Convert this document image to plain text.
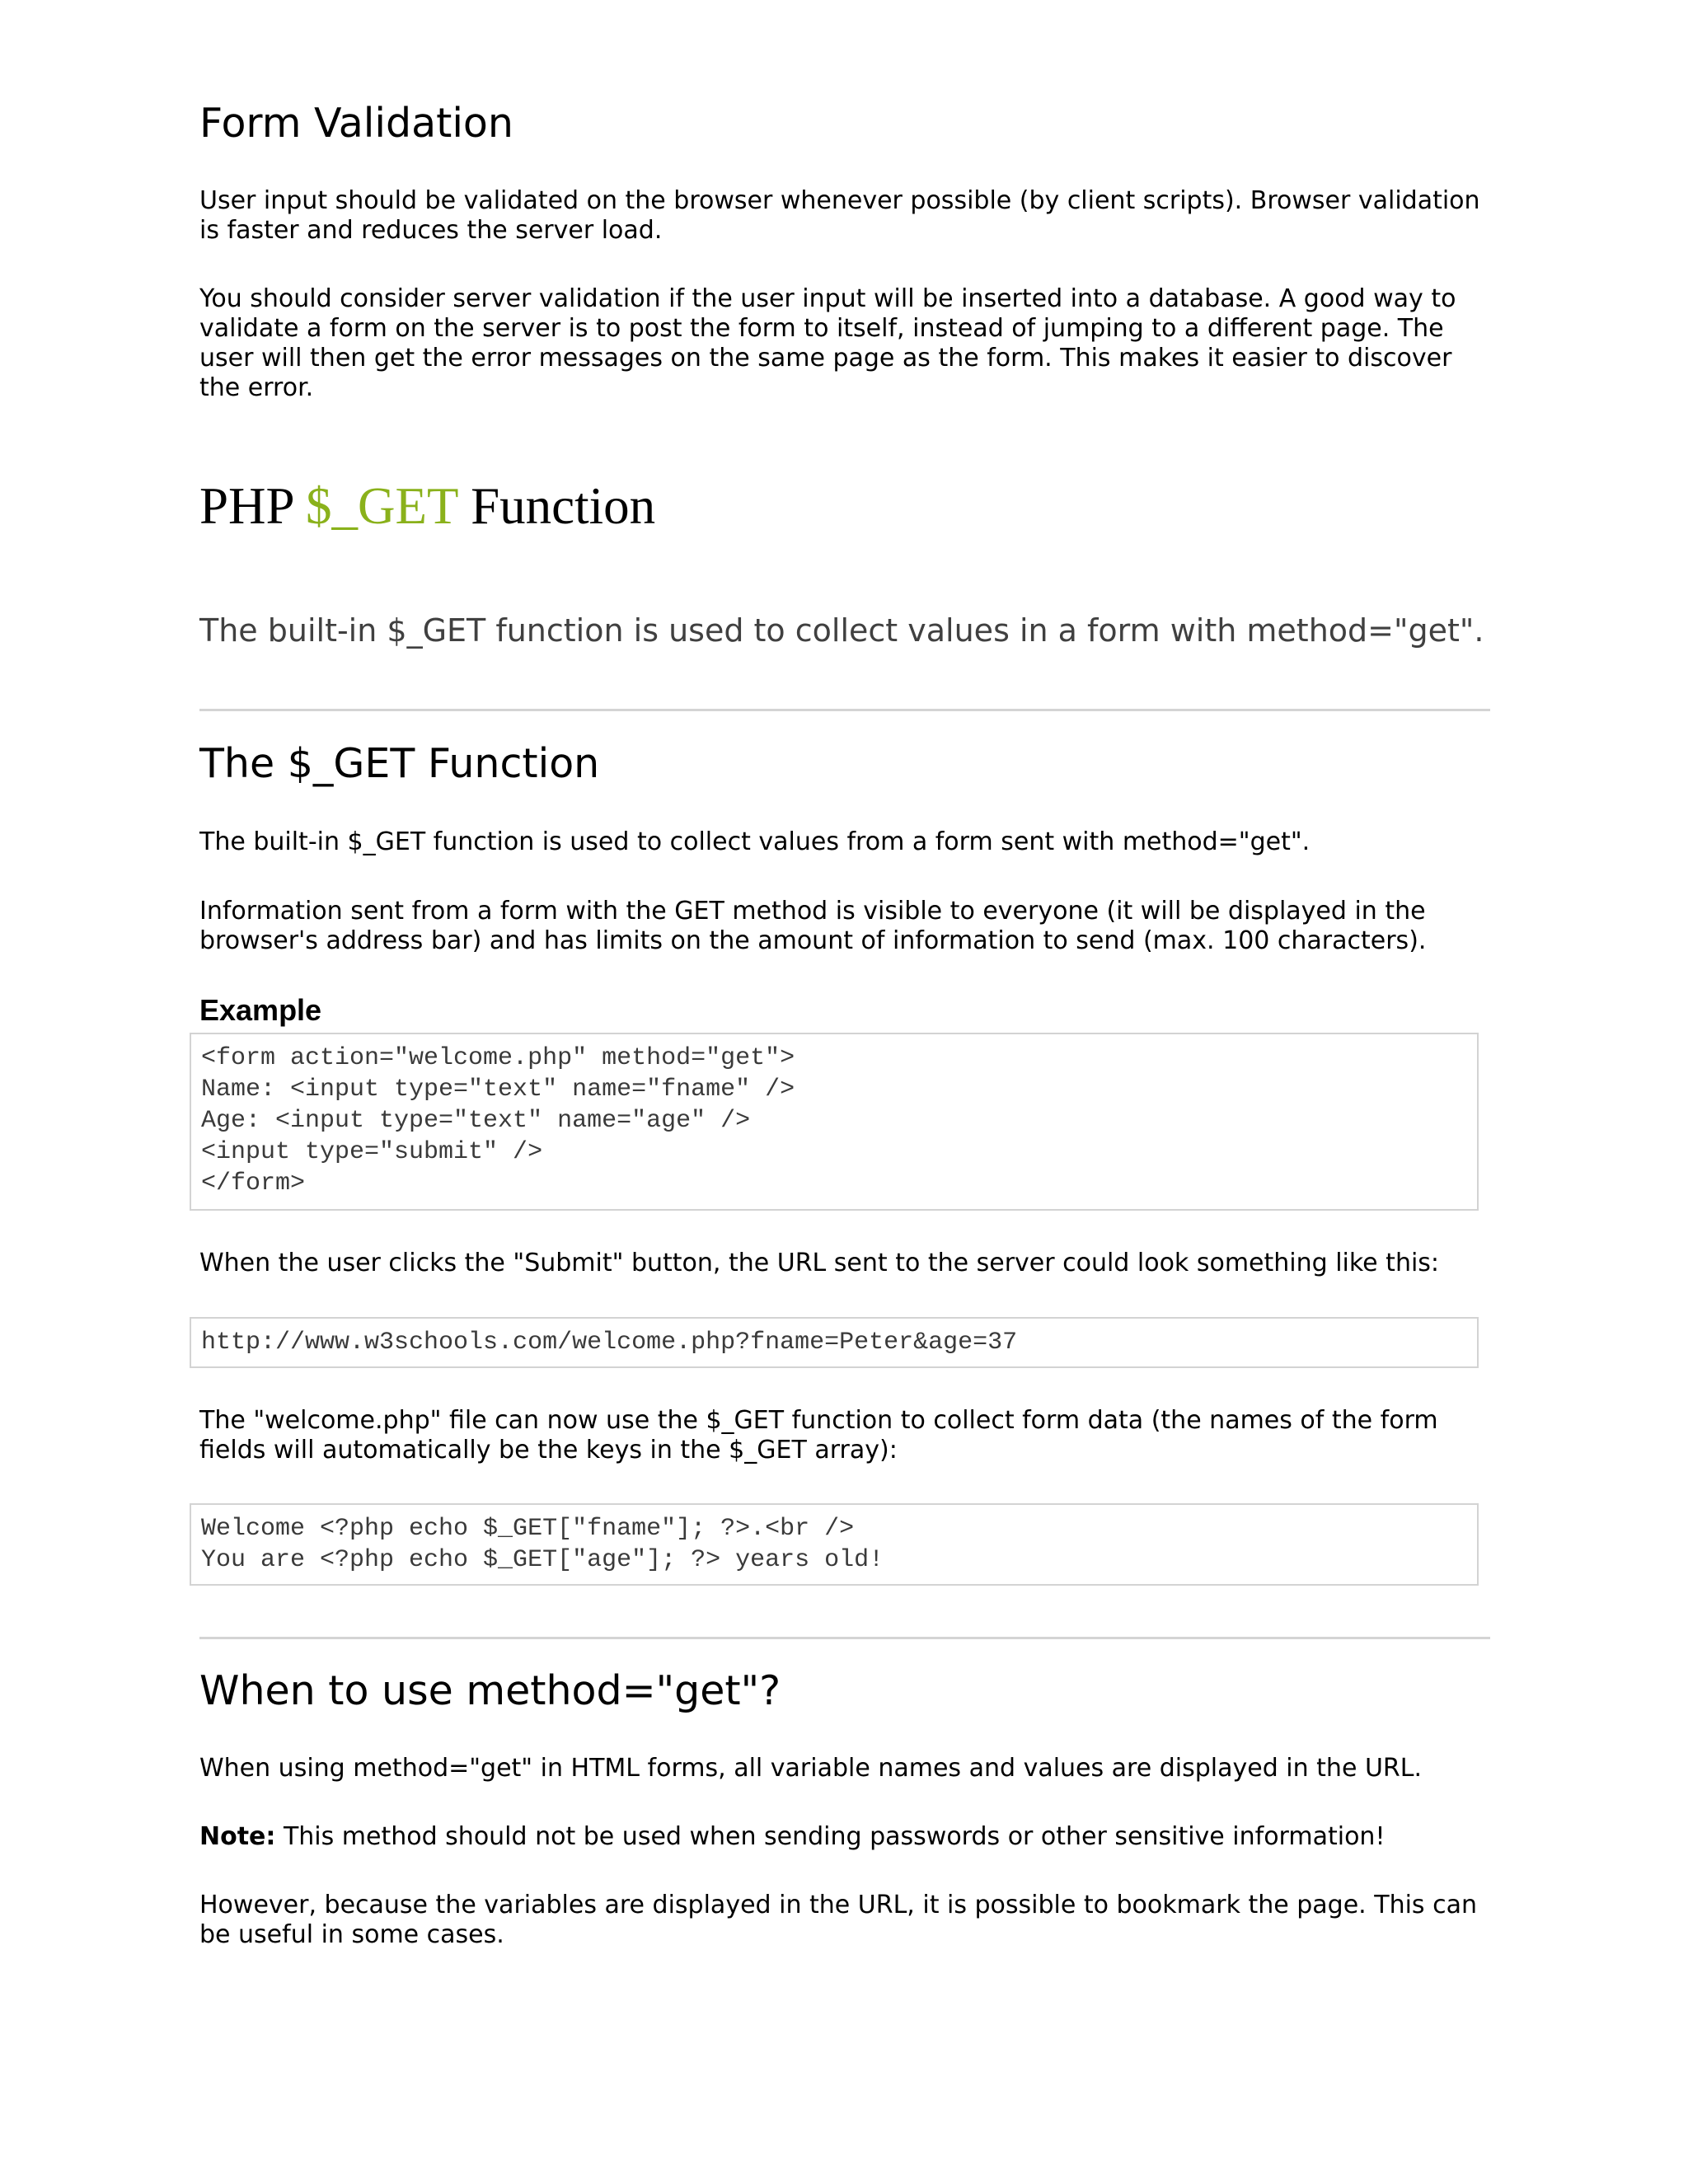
Form Validation

User input should be validated on the browser whenever possible (by client scripts). Browser validation is faster and reduces the server load.

You should consider server validation if the user input will be inserted into a database. A good way to validate a form on the server is to post the form to itself, instead of jumping to a different page. The user will then get the error messages on the same page as the form. This makes it easier to discover the error.

PHP $_GET Function

The built-in $_GET function is used to collect values in a form with method="get".

The $_GET Function

The built-in $_GET function is used to collect values from a form sent with method="get".

Information sent from a form with the GET method is visible to everyone (it will be displayed in the browser's address bar) and has limits on the amount of information to send (max. 100 characters).

Example
<form action="welcome.php" method="get">
Name: <input type="text" name="fname" />
Age: <input type="text" name="age" />
<input type="submit" />
</form>

When the user clicks the "Submit" button, the URL sent to the server could look something like this:

http://www.w3schools.com/welcome.php?fname=Peter&age=37

The "welcome.php" file can now use the $_GET function to collect form data (the names of the form fields will automatically be the keys in the $_GET array):

Welcome <?php echo $_GET["fname"]; ?>.<br />
You are <?php echo $_GET["age"]; ?> years old!
When to use method="get"?

When using method="get" in HTML forms, all variable names and values are displayed in the URL.

Note: This method should not be used when sending passwords or other sensitive information!

However, because the variables are displayed in the URL, it is possible to bookmark the page. This can be useful in some cases.
